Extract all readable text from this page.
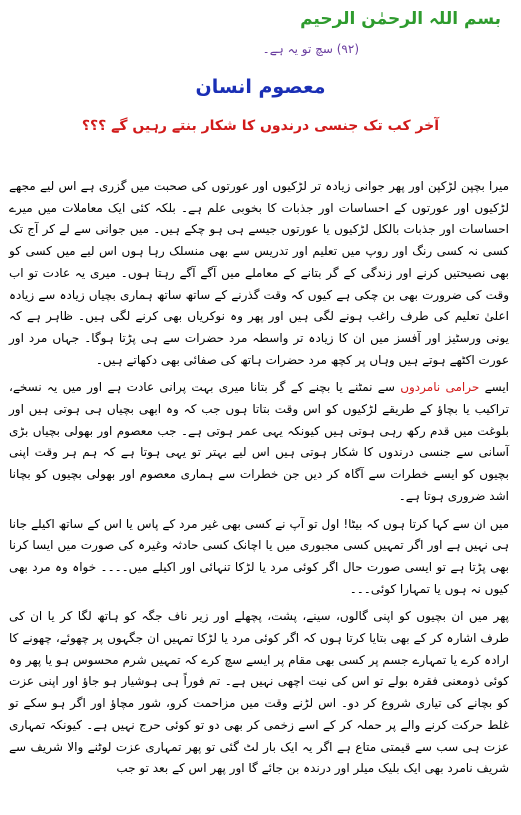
بسم اللہ الرحمٰن الرحیم
(۹۲) سچ تو یہ ہے۔
معصوم انسان
آخر کب تک جنسی درندوں کا شکار بنتے رہیں گے ؟؟؟

میرا بچپن لڑکپن اور پھر جوانی زیادہ تر لڑکیوں اور عورتوں کی صحبت میں گزری ہے اس لیے مجھے لڑکیوں اور عورتوں کے احساسات اور جذبات کا بخوبی علم ہے۔ بلکہ کئی ایک معاملات میں میرے احساسات اور جذبات بالکل لڑکیوں یا عورتوں جیسے ہی ہو چکے ہیں۔ میں جوانی سے لے کر آج تک کسی نہ کسی رنگ اور روپ میں تعلیم اور تدریس سے بھی منسلک رہا ہوں اس لیے میں کسی کو بھی نصیحتیں کرنے اور زندگی کے گر بتانے کے معاملے میں آگے آگے رہتا ہوں۔ میری یہ عادت تو اب وقت کی ضرورت بھی بن چکی ہے کیوں کہ وقت گذرنے کے ساتھ ساتھ ہماری بچیاں زیادہ سے زیادہ اعلیٰ تعلیم کی طرف راغب ہونے لگی ہیں اور پھر وہ نوکریاں بھی کرنے لگی ہیں۔ ظاہر ہے کہ یونی ورسٹیز اور آفسز میں ان کا زیادہ تر واسطہ مرد حضرات سے ہی پڑتا ہوگا۔ جہاں مرد اور عورت اکٹھے ہوتے ہیں وہاں پر کچھ مرد حضرات ہاتھ کی صفائی بھی دکھاتے ہیں۔

ایسے حرامی نامردوں سے نمٹنے یا بچنے کے گر بتانا میری بہت پرانی عادت ہے اور میں یہ نسخے، تراکیب یا بچاؤ کے طریقے لڑکیوں کو اس وقت بتاتا ہوں جب کہ وہ ابھی بچیاں ہی ہوتی ہیں اور بلوغت میں قدم رکھ رہی ہوتی ہیں کیونکہ یہی عمر ہوتی ہے۔ جب معصوم اور بھولی بچیاں بڑی آسانی سے جنسی درندوں کا شکار ہوتی ہیں اس لیے بہتر تو یہی ہوتا ہے کہ ہم ہر وقت اپنی بچیوں کو ایسے خطرات سے آگاہ کر دیں جن خطرات سے ہماری معصوم اور بھولی بچیوں کو بچانا اشد ضروری ہوتا ہے۔

میں ان سے کہا کرتا ہوں کہ بیٹا! اول تو آپ نے کسی بھی غیر مرد کے پاس یا اس کے ساتھ اکیلے جانا ہی نہیں ہے اور اگر تمہیں کسی مجبوری میں یا اچانک کسی حادثہ وغیرہ کی صورت میں ایسا کرنا بھی پڑتا ہے تو ایسی صورت حال اگر کوئی مرد یا لڑکا تنہائی اور اکیلے میں۔۔۔۔ خواہ وہ مرد بھی کیوں نہ ہوں یا تمہارا کوئی۔۔۔

پھر میں ان بچیوں کو اپنی گالوں، سینے، پشت، پچھلے اور زیر ناف جگہ کو ہاتھ لگا کر یا ان کی طرف اشارہ کر کے بھی بتایا کرتا ہوں کہ اگر کوئی مرد یا لڑکا تمہیں ان جگہوں پر چھوئے، چھونے کا ارادہ کرے یا تمہارے جسم پر کسی بھی مقام پر ایسے سچ کرے کہ تمہیں شرم محسوس ہو یا پھر وہ کوئی ذومعنی فقرہ بولے تو اس کی نیت اچھی نہیں ہے۔ تم فوراً ہی ہوشیار ہو جاؤ اور اپنی عزت کو بچانے کی تیاری شروع کر دو۔ اس لڑنے وقت میں مزاحمت کرو، شور مچاؤ اور اگر ہو سکے تو غلط حرکت کرنے والے پر حملہ کر کے اسے زخمی کر بھی دو تو کوئی حرج نہیں ہے۔ کیونکہ تمہاری عزت ہی سب سے قیمتی متاع ہے اگر یہ ایک بار لٹ گئی تو پھر تمہاری عزت لوٹنے والا شریف سے شریف نامرد بھی ایک بلیک میلر اور درندہ بن جائے گا اور پھر اس کے بعد تو جب
